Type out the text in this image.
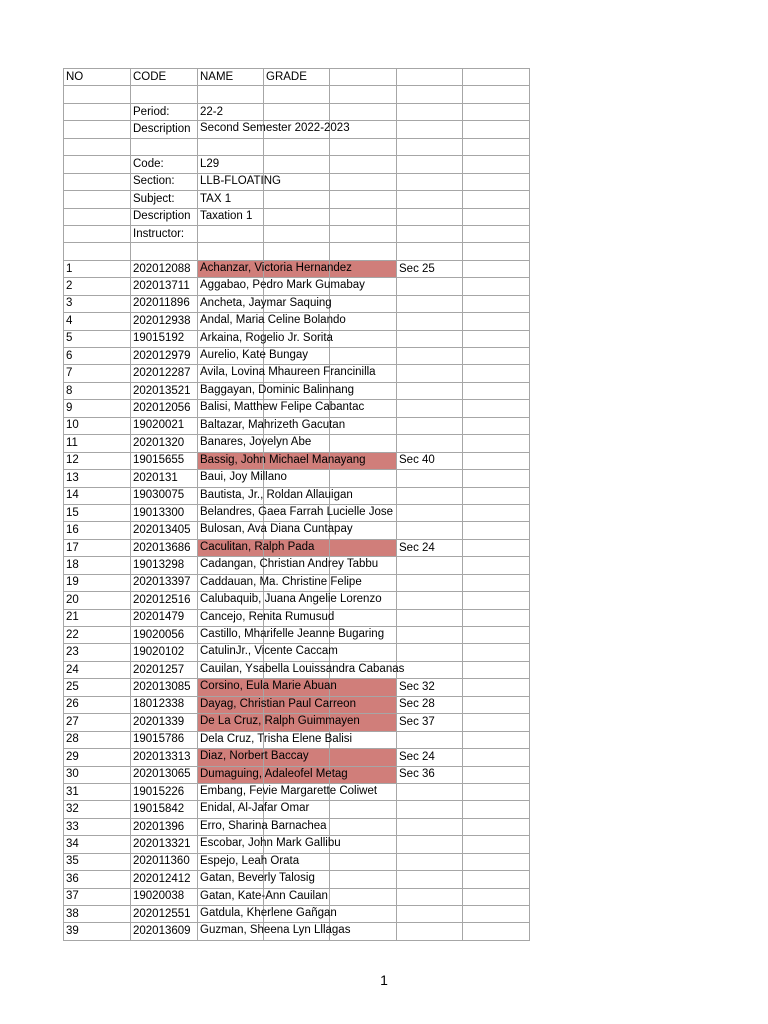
NO	CODE	NAME	GRADE			

	Period:	22-2				
	Description	Second Semester 2022-2023				

	Code:	L29				
	Section:	LLB-FLOATING				

	Subject:	TAX 1				
	Description	Taxation 1				
	Instructor:					

1	202012088	Achanzar, Victoria Hernandez			Sec 25	
2	202013711	Aggabao, Pedro Mark Gumabay				

3	202011896	Ancheta, Jaymar Saquing				

4	202012938	Andal, Maria Celine Bolando				

5	19015192	Arkaina, Rogelio Jr. Sorita				

6	202012979	Aurelio, Kate Bungay				

7	202012287	Avila, Lovina Mhaureen Francinilla				

8	202013521	Baggayan, Dominic Balinnang				

9	202012056	Balisi, Matthew Felipe Cabantac				

10	19020021	Baltazar, Mahrizeth Gacutan				

11	20201320	Banares, Jovelyn Abe				

12	19015655	Bassig, John Michael Manayang			Sec 40	
13	2020131	Baui, Joy Millano				

14	19030075	Bautista, Jr., Roldan Allauigan				

15	19013300	Belandres, Gaea Farrah Lucielle Jose				

16	202013405	Bulosan, Ava Diana Cuntapay				

17	202013686	Caculitan, Ralph Pada			Sec 24	
18	19013298	Cadangan, Christian Andrey Tabbu				

19	202013397	Caddauan, Ma. Christine Felipe				

20	202012516	Calubaquib, Juana Angelie Lorenzo				

21	20201479	Cancejo, Renita Rumusud				

22	19020056	Castillo, Mharifelle Jeanne Bugaring				

23	19020102	CatulinJr., Vicente Caccam				

24	20201257	Cauilan, Ysabella Louissandra Cabanas				

25	202013085	Corsino, Eula Marie Abuan			Sec 32	
26	18012338	Dayag, Christian Paul Carreon			Sec 28	
27	20201339	De La Cruz, Ralph Guimmayen			Sec 37	
28	19015786	Dela Cruz, Trisha Elene Balisi				

29	202013313	Diaz, Norbert Baccay			Sec 24	
30	202013065	Dumaguing, Adaleofel Metag			Sec 36	
31	19015226	Embang, Fevie Margarette Coliwet				

32	19015842	Enidal, Al-Jafar Omar				

33	20201396	Erro, Sharina Barnachea				

34	202013321	Escobar, John Mark Gallibu				

35	202011360	Espejo, Leah Orata				

36	202012412	Gatan, Beverly Talosig				

37	19020038	Gatan, Kate-Ann Cauilan				

38	202012551	Gatdula, Kherlene Gañgan				

39	202013609	Guzman, Sheena Lyn Lllagas				

1
